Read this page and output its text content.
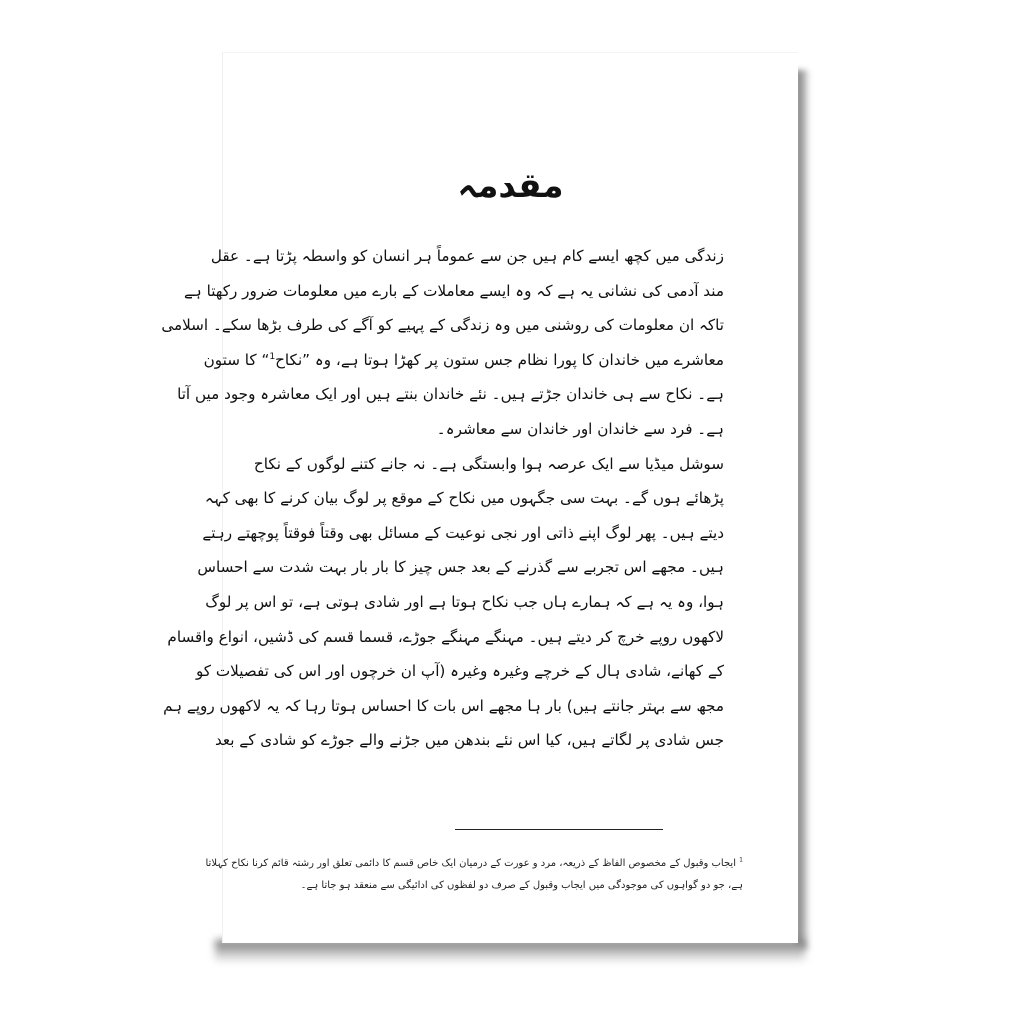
مقدمہ
زندگی میں کچھ ایسے کام ہیں جن سے عموماً ہر انسان کو واسطہ پڑتا ہے۔ عقل
مند آدمی کی نشانی یہ ہے کہ وہ ایسے معاملات کے بارے میں معلومات ضرور رکھتا ہے
تاکہ ان معلومات کی روشنی میں وہ زندگی کے پہیے کو آگے کی طرف بڑھا سکے۔ اسلامی
معاشرے میں خاندان کا پورا نظام جس ستون پر کھڑا ہوتا ہے، وہ ”نکاح$^1$“ کا ستون
ہے۔ نکاح سے ہی خاندان جڑتے ہیں۔ نئے خاندان بنتے ہیں اور ایک معاشرہ وجود میں آتا
ہے۔ فرد سے خاندان اور خاندان سے معاشرہ۔
سوشل میڈیا سے ایک عرصہ ہوا وابستگی ہے۔ نہ جانے کتنے لوگوں کے نکاح
پڑھائے ہوں گے۔ بہت سی جگہوں میں نکاح کے موقع پر لوگ بیان کرنے کا بھی کہہ
دیتے ہیں۔ پھر لوگ اپنے ذاتی اور نجی نوعیت کے مسائل بھی وقتاً فوقتاً پوچھتے رہتے
ہیں۔ مجھے اس تجربے سے گذرنے کے بعد جس چیز کا بار بار بہت شدت سے احساس
ہوا، وہ یہ ہے کہ ہمارے ہاں جب نکاح ہوتا ہے اور شادی ہوتی ہے، تو اس پر لوگ
لاکھوں روپے خرچ کر دیتے ہیں۔ مہنگے مہنگے جوڑے، قسما قسم کی ڈشیں، انواع واقسام
کے کھانے، شادی ہال کے خرچے وغیرہ وغیرہ (آپ ان خرچوں اور اس کی تفصیلات کو
مجھ سے بہتر جانتے ہیں) بار ہا مجھے اس بات کا احساس ہوتا رہا کہ یہ لاکھوں روپے ہم
جس شادی پر لگاتے ہیں، کیا اس نئے بندھن میں جڑنے والے جوڑے کو شادی کے بعد
$^1$ ایجاب وقبول کے مخصوص الفاظ کے ذریعہ، مرد و عورت کے درمیان ایک خاص قسم کا دائمی تعلق اور رشتہ قائم کرنا نکاح کہلاتا
ہے، جو دو گواہوں کی موجودگی میں ایجاب وقبول کے صرف دو لفظوں کی ادائیگی سے منعقد ہو جاتا ہے۔
